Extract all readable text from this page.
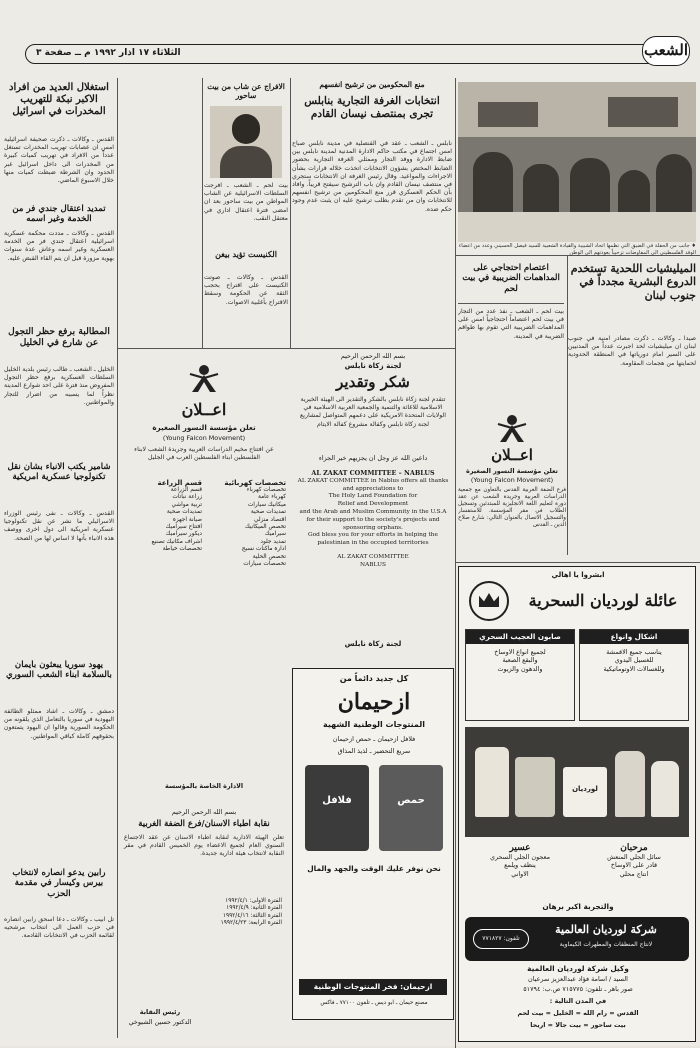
الثلاثاء ١٧ اذار ١٩٩٢ م ــ صفحة ٣	الشعب
♦ جانب من الحفلة في الضيق التي نظمها اتحاد الشبيبة والقيادة الشعبية للسيد فيصل الحسيني وعدد من اعضاء الوفد الفلسطيني الى المفاوضات ترحيباً بعودتهم الى الوطن
الميليشيات اللحدية تستخدم الدروع البشرية مجدداً في جنوب لبنان
صيدا ـ وكالات ـ ذكرت مصادر امنية في جنوب لبنان ان ميليشيات لحد اجبرت عدداً من المدنيين على السير امام دورياتها في المنطقة الحدودية لحمايتها من هجمات المقاومة.
اعتصام احتجاجي على المداهمات الضريبية في بيت لحم
بيت لحم ـ الشعب ـ نفذ عدد من التجار في بيت لحم اعتصاماً احتجاجياً امس على المداهمات الضريبية التي تقوم بها طواقم الضريبة في المدينة.
اعــلان
تعلن مؤسسة النسور الصغيرة
(Young Falcon Movement)
فرع الضفة الغربية القدس بالتعاون مع جمعية الدراسات العربية وجريدة الشعب عن عقد دورة لتعليم اللغة الانجليزية للمبتدئين وتسجيل الطلاب في مقر المؤسسة. للاستفسار والتسجيل الاتصال بالعنوان التالي: شارع صلاح الدين ـ القدس
منع المحكومين من ترشيح انفسهم
انتخابات الغرفة التجارية بنابلس تجرى بمنتصف نيسان القادم
نابلس ـ الشعب ـ عقد في القنصلية في مدينة نابلس صباح امس اجتماع في مكتب حاكم الادارة المدنية لمدينة نابلس بين ضابط الادارة ووفد التجار وممثلي الغرفة التجارية بحضور الضابط المختص بشؤون الانتخابات اتخذت خلاله قرارات بشأن الاجراءات والمواعيد. وقال رئيس الغرفة ان الانتخابات ستجري في منتصف نيسان القادم وان باب الترشيح سيفتح قريباً. وافاد بأن الحكم العسكري قرر منع المحكومين من ترشيح انفسهم للانتخابات وان من تقدم بطلب ترشيح عليه ان يثبت عدم وجود حكم ضده.
الافراج عن شاب من بيت ساحور
بيت لحم ـ الشعب ـ افرجت السلطات الاسرائيلية عن الشاب المواطن من بيت ساحور بعد ان امضى فترة اعتقال اداري في معتقل النقب.
الكنيست تؤيد بيغن
القدس ـ وكالات ـ صوتت الكنيست على اقتراح بحجب الثقة عن الحكومة وسقط الاقتراح بأغلبية الاصوات.
اعــلان
تعلن مؤسسة النسور الصغيرة
(Young Falcon Movement)
عن افتتاح مخيم الدراسات العربية وجريدة الشعب لابناء الفلسطين ابناء الفلسطين العرب في الجليل
تخصصات كهربائية
تخصصات كهرباء
كهرباء عامة
ميكانيك سيارات
تمديدات صحية
اقتصاد منزلي
تخصص الميكانيك
سيراميك
تمديد جلود
ادارة ماكنات نسيج
تخصص الحلية
تخصصات سيارات
قسم الزراعة
قسم الزراعة
زراعة نباتات
تربية مواشي
تمديدات صحية
صيانة اجهزة
افتتاح سيراميك
ديكور سيراميك
اشراف مكانيك تصنيع
تخصصات خياطة
الادارة الخاصة بالمؤسسة
بسم الله الرحمن الرحيم
لجنة زكاة نابلس
شكر وتقدير
تتقدم لجنة زكاة نابلس بالشكر والتقدير الى الهيئة الخيرية الاسلامية للاغاثة والتنمية والجمعية العربية الاسلامية في الولايات المتحدة الامريكية على دعمهم المتواصل لمشاريع لجنة زكاة نابلس وكفالة مشروع كفالة الايتام
داعين الله عز وجل ان يجزيهم خير الجزاء
AL ZAKAT COMMITTEE – NABLUS
AL ZAKAT COMMITTEE in Nablus offers all thanks and appreciations to
The Holy Land Foundation for
Relief and Development
and the Arab and Muslim Community in the U.S.A
for their support to the society's projects and sponsoring orphans.
God bless you for your efforts in helping the palestinian in the occupied territories
AL ZAKAT COMMITTEE
NABLUS
لجنة زكاة نابلس
كل جديد دائماً من
ازحيمان
المنتوجات الوطنية الشهية
فلافل ازحيمان ـ حمص ازحيمان
سريع التحضير ـ لذيذ المذاق
فلافل	حمص
نحن نوفر عليك الوقت والجهد والمال
ازحيمان: فخر المنتوجات الوطنية
مصنع حيمان ـ ابو ديس ـ تلفون ٧٧١٠٠ ـ فاكس
بسم الله الرحمن الرحيم
نقابة اطباء الاسنان/فرع الضفة الغربية
تعلن الهيئة الادارية لنقابة اطباء الاسنان عن عقد الاجتماع السنوي العام لجميع الاعضاء يوم الخميس القادم في مقر النقابة لانتخاب هيئة ادارية جديدة.
الفترة الاولى: ١٩٩٢/٤/١
الفترة الثانية: ١٩٩٢/٤/٩
الفترة الثالثة: ١٩٩٢/٤/١٦
الفترة الرابعة: ١٩٩٢/٤/٢٣
رئيس النقابة
الدكتور حسين الشيوخي
استغلال العديد من افراد الاكبر نبكة للتهريب المخدرات في اسرائيل
القدس ـ وكالات ـ ذكرت صحيفة اسرائيلية امس ان عصابات تهريب المخدرات تستغل عدداً من الافراد في تهريب كميات كبيرة من المخدرات الى داخل اسرائيل عبر الحدود وان الشرطة ضبطت كميات منها خلال الاسبوع الماضي.
تمديد اعتقال جندي فر من الخدمة وغير اسمه
القدس ـ وكالات ـ مددت محكمة عسكرية اسرائيلية اعتقال جندي فر من الخدمة العسكرية وغير اسمه وعاش عدة سنوات بهوية مزورة قبل ان يتم القاء القبض عليه.
المطالبة برفع حظر التجول عن شارع في الخليل
الخليل ـ الشعب ـ طالب رئيس بلدية الخليل السلطات العسكرية برفع حظر التجول المفروض منذ فترة على احد شوارع المدينة نظراً لما يسببه من اضرار للتجار والمواطنين.
شامير يكتب الانباء بشأن نقل تكنولوجيا عسكرية امريكية
القدس ـ وكالات ـ نفى رئيس الوزراء الاسرائيلي ما نشر عن نقل تكنولوجيا عسكرية امريكية الى دول اخرى ووصف هذه الانباء بأنها لا اساس لها من الصحة.
يهود سوريا يبعثون بأيمان بالسلامة ابناء الشعب السوري
دمشق ـ وكالات ـ اشاد ممثلو الطائفة اليهودية في سوريا بالتعامل الذي يلقونه من الحكومة السورية وقالوا ان اليهود يتمتعون بحقوقهم كاملة كباقي المواطنين.
رابين يدعو انصاره لانتخاب بيرس وكيسار في مقدمة الحزب
تل ابيب ـ وكالات ـ دعا اسحق رابين انصاره في حزب العمل الى انتخاب مرشحيه لقائمة الحزب في الانتخابات القادمة.
ابشروا يا اهالي
عائلة لورديان السحرية
اشكال وانواع
يناسب جميع الاقمشة
للغسيل اليدوي
وللغسالات الاوتوماتيكية
صابون العجيب السحري
لجميع انواع الاوساخ
والبقع الصعبة
والدهون والزيوت
لورديان
مرحبان
سائل الجلي المنعش
قادر على الاوساخ
انتاج محلي
عسير
معجون الجلي السحري
ينظف ويلمع
الاواني
والتجربة اكبر برهان
شركة لورديان العالمية
لانتاج المنظفات والمطهرات الكيماوية
تلفون: ٧٧١٨٢٧
وكيل شركة لورديان العالمية
السيد / اسامة فؤاد عبدالعزيز سرعيان
صور باهر ـ تلفون: ٧١٥٧٧٥ ص.ب: ٥١٧٩٤
في المدن التالية :
القدس = رام الله = الخليل = بيت لحم
بيت ساحور = بيت جالا = اريحا
